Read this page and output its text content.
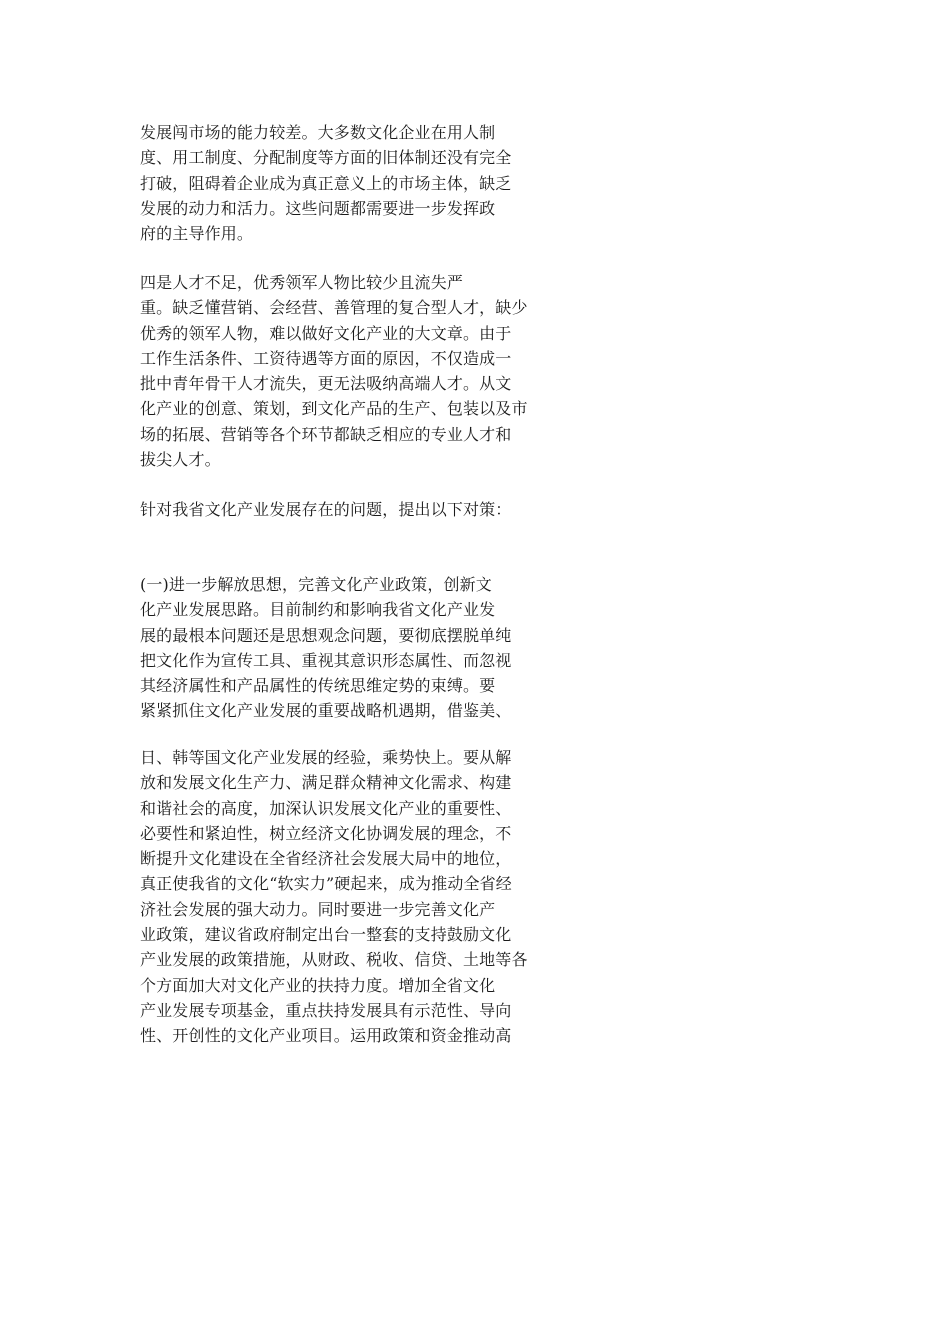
发展闯市场的能力较差。大多数文化企业在用人制
度、用工制度、分配制度等方面的旧体制还没有完全
打破，阻碍着企业成为真正意义上的市场主体，缺乏
发展的动力和活力。这些问题都需要进一步发挥政
府的主导作用。
四是人才不足，优秀领军人物比较少且流失严
重。缺乏懂营销、会经营、善管理的复合型人才，缺少
优秀的领军人物，难以做好文化产业的大文章。由于
工作生活条件、工资待遇等方面的原因，不仅造成一
批中青年骨干人才流失，更无法吸纳高端人才。从文
化产业的创意、策划，到文化产品的生产、包装以及市
场的拓展、营销等各个环节都缺乏相应的专业人才和
拔尖人才。
针对我省文化产业发展存在的问题，提出以下对策：
(一)进一步解放思想，完善文化产业政策，创新文
化产业发展思路。目前制约和影响我省文化产业发
展的最根本问题还是思想观念问题，要彻底摆脱单纯
把文化作为宣传工具、重视其意识形态属性、而忽视
其经济属性和产品属性的传统思维定势的束缚。要
紧紧抓住文化产业发展的重要战略机遇期，借鉴美、
日、韩等国文化产业发展的经验，乘势快上。要从解
放和发展文化生产力、满足群众精神文化需求、构建
和谐社会的高度，加深认识发展文化产业的重要性、
必要性和紧迫性，树立经济文化协调发展的理念，不
断提升文化建设在全省经济社会发展大局中的地位，
真正使我省的文化“软实力”硬起来，成为推动全省经
济社会发展的强大动力。同时要进一步完善文化产
业政策，建议省政府制定出台一整套的支持鼓励文化
产业发展的政策措施，从财政、税收、信贷、土地等各
个方面加大对文化产业的扶持力度。增加全省文化
产业发展专项基金，重点扶持发展具有示范性、导向
性、开创性的文化产业项目。运用政策和资金推动高
